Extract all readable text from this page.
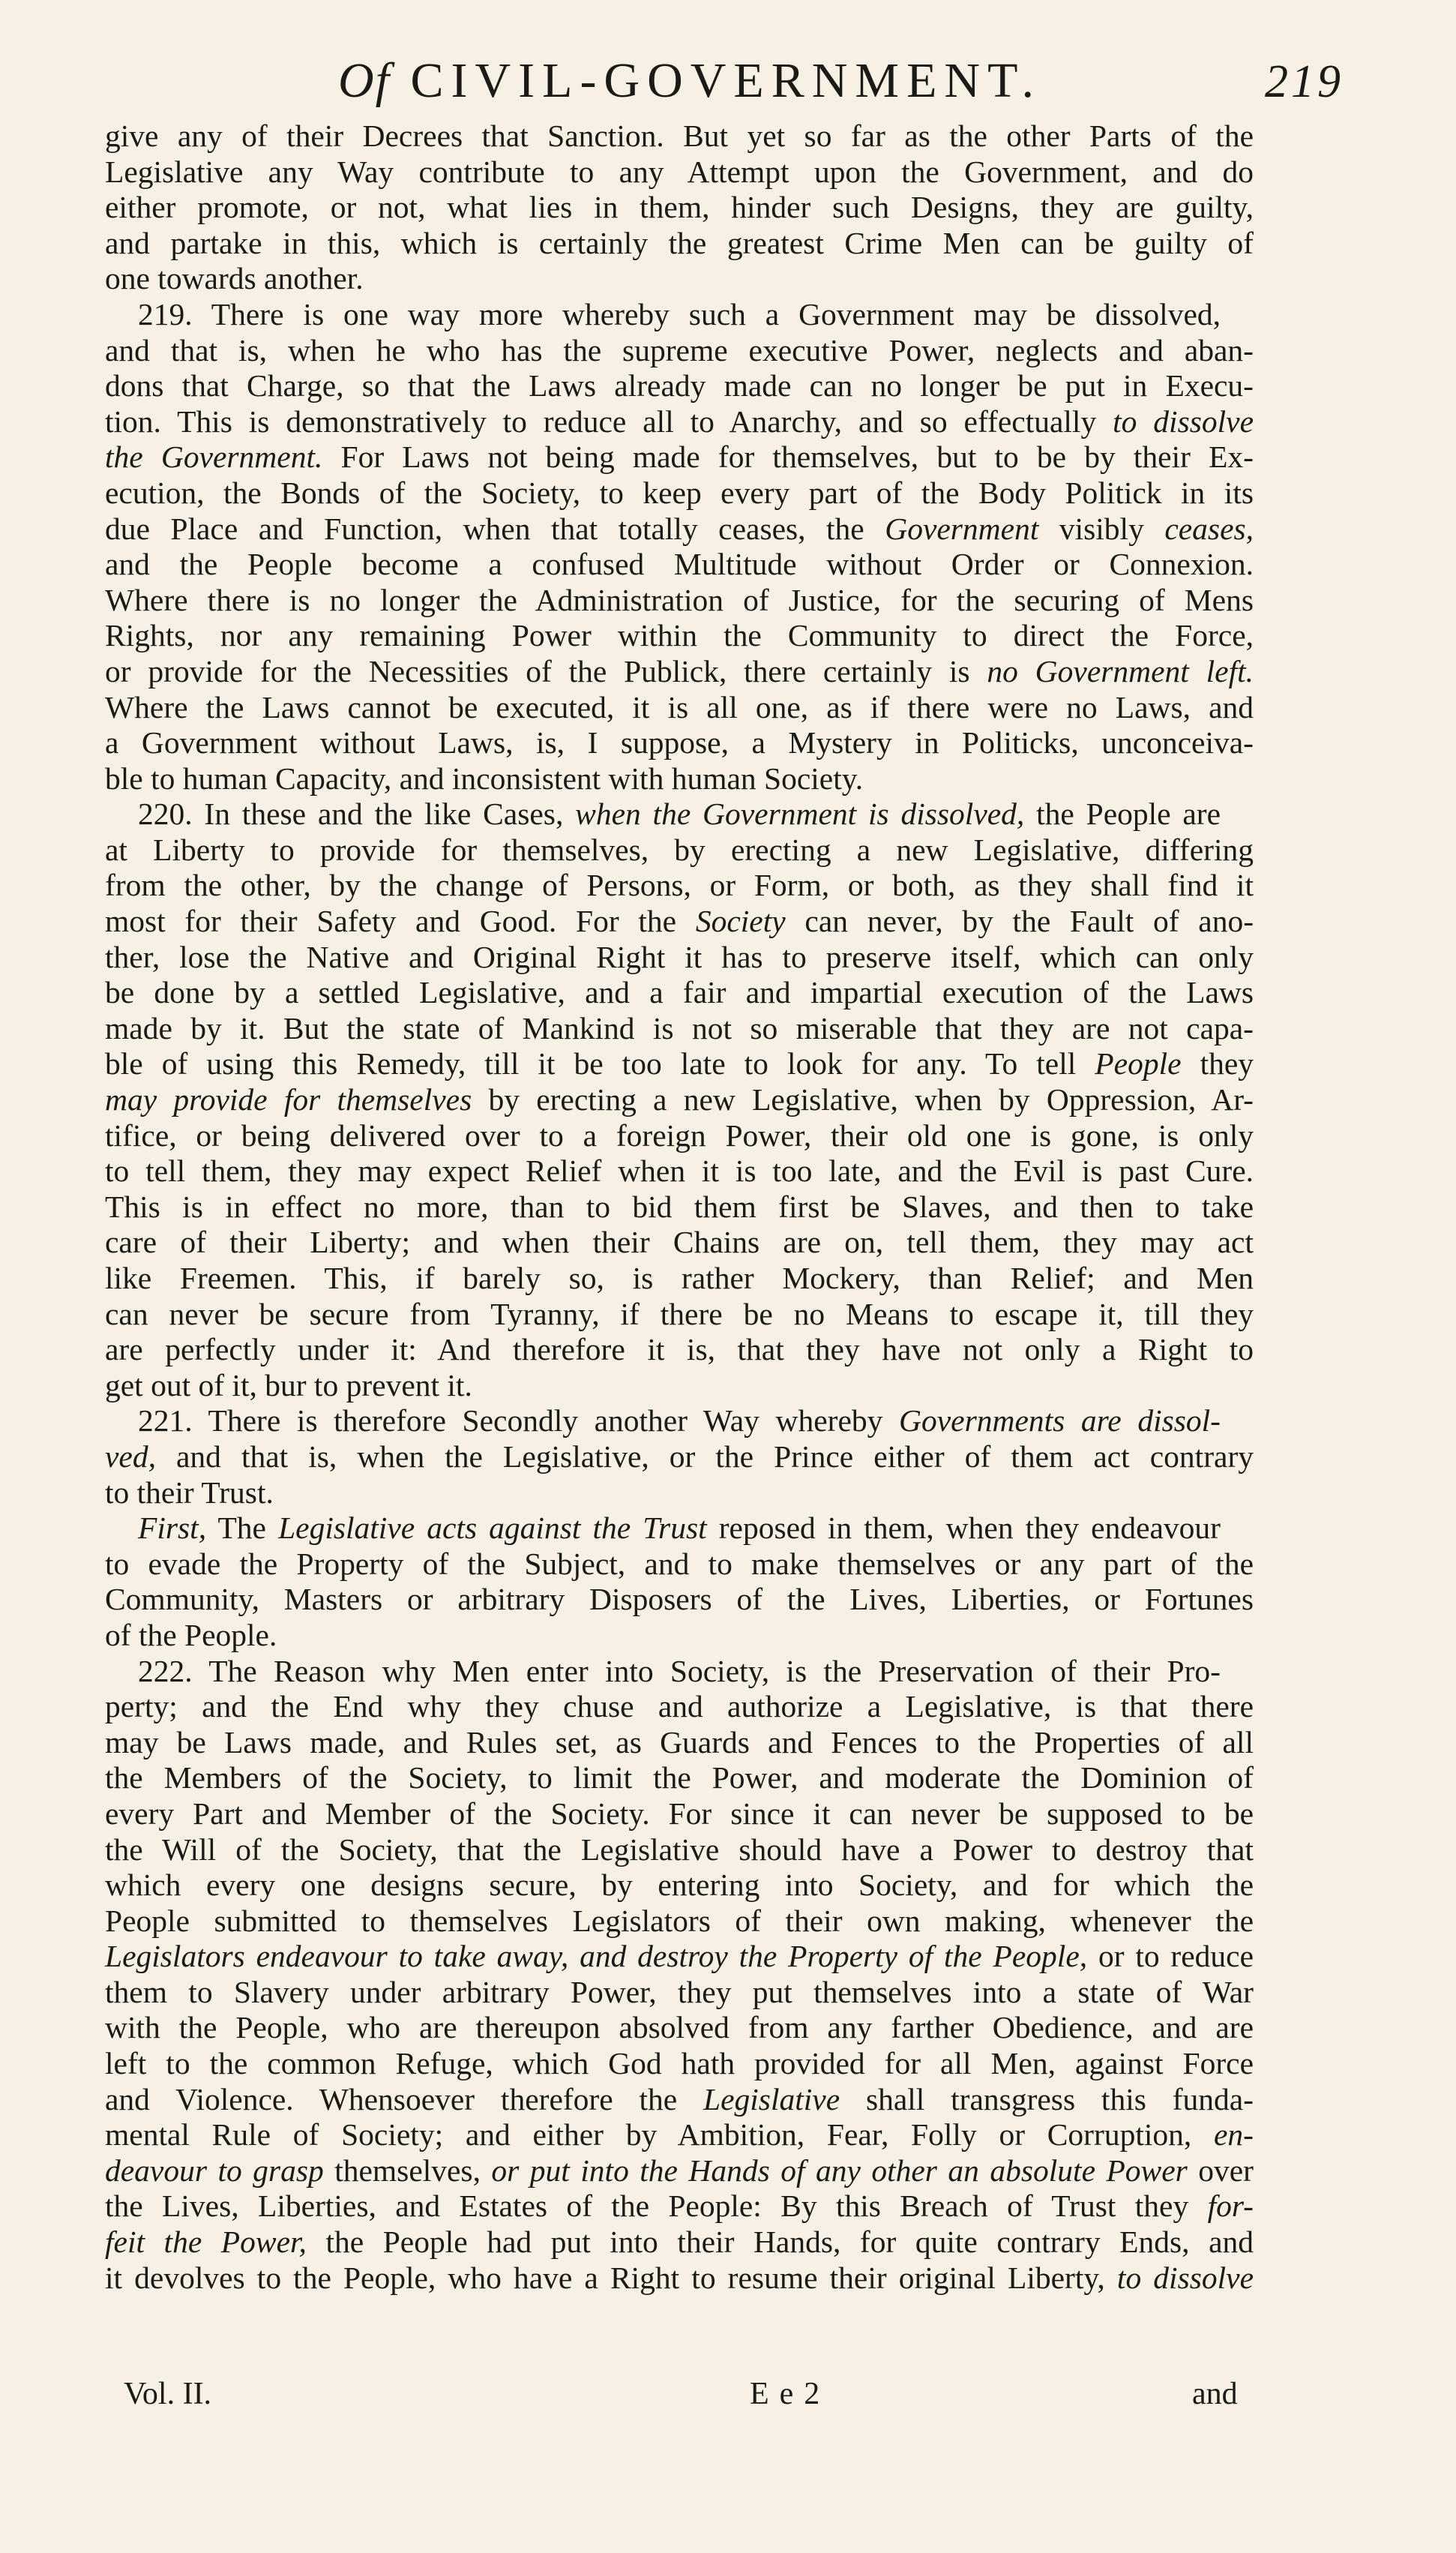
Of CIVIL-GOVERNMENT.	219
give any of their Decrees that Sanction. But yet so far as the other Parts of the
Legislative any Way contribute to any Attempt upon the Government, and do
either promote, or not, what lies in them, hinder such Designs, they are guilty,
and partake in this, which is certainly the greatest Crime Men can be guilty of
one towards another.
219. There is one way more whereby such a Government may be dissolved,
and that is, when he who has the supreme executive Power, neglects and aban-
dons that Charge, so that the Laws already made can no longer be put in Execu-
tion. This is demonstratively to reduce all to Anarchy, and so effectually to dissolve
the Government. For Laws not being made for themselves, but to be by their Ex-
ecution, the Bonds of the Society, to keep every part of the Body Politick in its
due Place and Function, when that totally ceases, the Government visibly ceases,
and the People become a confused Multitude without Order or Connexion.
Where there is no longer the Administration of Justice, for the securing of Mens
Rights, nor any remaining Power within the Community to direct the Force,
or provide for the Necessities of the Publick, there certainly is no Government left.
Where the Laws cannot be executed, it is all one, as if there were no Laws, and
a Government without Laws, is, I suppose, a Mystery in Politicks, unconceiva-
ble to human Capacity, and inconsistent with human Society.
220. In these and the like Cases, when the Government is dissolved, the People are
at Liberty to provide for themselves, by erecting a new Legislative, differing
from the other, by the change of Persons, or Form, or both, as they shall find it
most for their Safety and Good. For the Society can never, by the Fault of ano-
ther, lose the Native and Original Right it has to preserve itself, which can only
be done by a settled Legislative, and a fair and impartial execution of the Laws
made by it. But the state of Mankind is not so miserable that they are not capa-
ble of using this Remedy, till it be too late to look for any. To tell People they
may provide for themselves by erecting a new Legislative, when by Oppression, Ar-
tifice, or being delivered over to a foreign Power, their old one is gone, is only
to tell them, they may expect Relief when it is too late, and the Evil is past Cure.
This is in effect no more, than to bid them first be Slaves, and then to take
care of their Liberty; and when their Chains are on, tell them, they may act
like Freemen. This, if barely so, is rather Mockery, than Relief; and Men
can never be secure from Tyranny, if there be no Means to escape it, till they
are perfectly under it: And therefore it is, that they have not only a Right to
get out of it, bur to prevent it.
221. There is therefore Secondly another Way whereby Governments are dissol-
ved, and that is, when the Legislative, or the Prince either of them act contrary
to their Trust.
First, The Legislative acts against the Trust reposed in them, when they endeavour
to evade the Property of the Subject, and to make themselves or any part of the
Community, Masters or arbitrary Disposers of the Lives, Liberties, or Fortunes
of the People.
222. The Reason why Men enter into Society, is the Preservation of their Pro-
perty; and the End why they chuse and authorize a Legislative, is that there
may be Laws made, and Rules set, as Guards and Fences to the Properties of all
the Members of the Society, to limit the Power, and moderate the Dominion of
every Part and Member of the Society. For since it can never be supposed to be
the Will of the Society, that the Legislative should have a Power to destroy that
which every one designs secure, by entering into Society, and for which the
People submitted to themselves Legislators of their own making, whenever the
Legislators endeavour to take away, and destroy the Property of the People, or to reduce
them to Slavery under arbitrary Power, they put themselves into a state of War
with the People, who are thereupon absolved from any farther Obedience, and are
left to the common Refuge, which God hath provided for all Men, against Force
and Violence. Whensoever therefore the Legislative shall transgress this funda-
mental Rule of Society; and either by Ambition, Fear, Folly or Corruption, en-
deavour to grasp themselves, or put into the Hands of any other an absolute Power over
the Lives, Liberties, and Estates of the People: By this Breach of Trust they for-
feit the Power, the People had put into their Hands, for quite contrary Ends, and
it devolves to the People, who have a Right to resume their original Liberty, to dissolve
Vol. II.	Ee2	and
